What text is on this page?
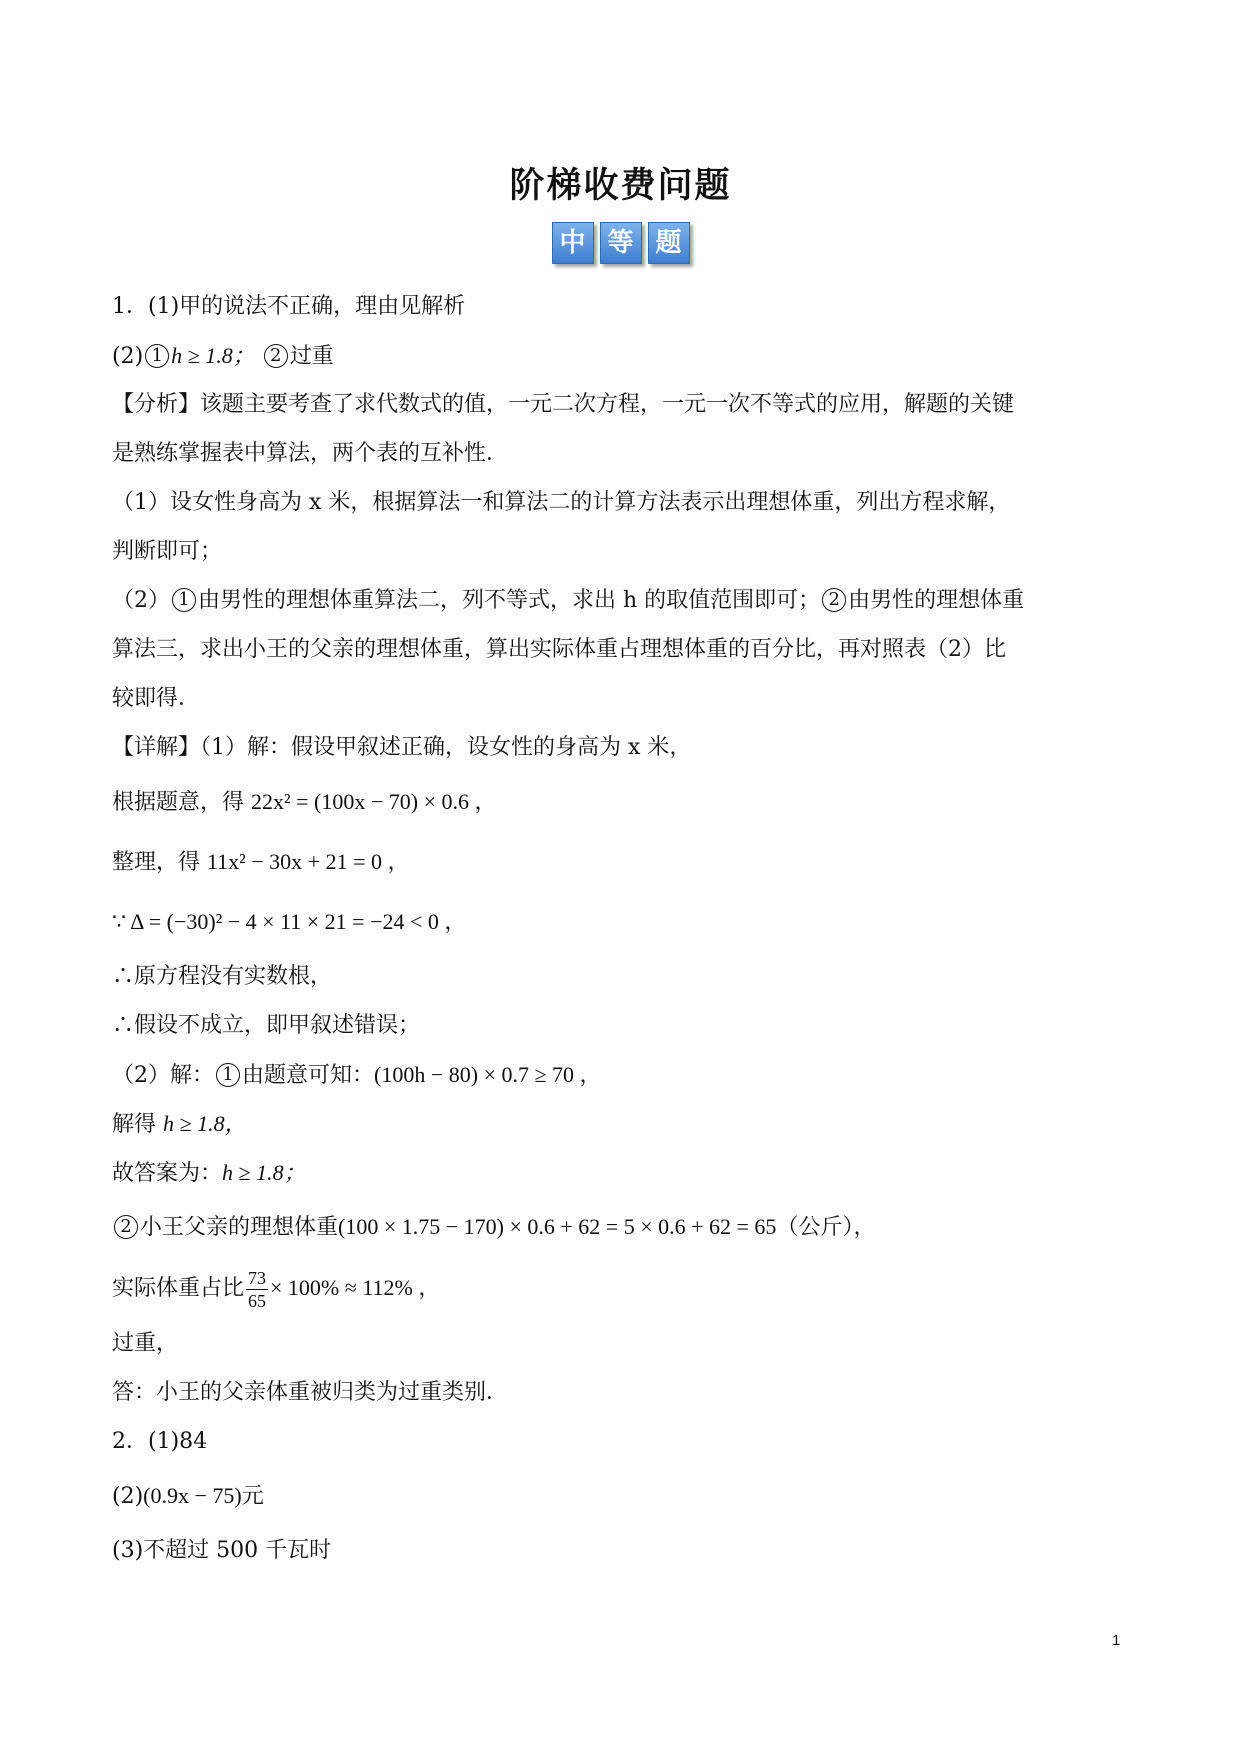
阶梯收费问题
中 等 题
1．(1)甲的说法不正确，理由见解析
(2) 1 h ≥ 1.8； 2 过重
【分析】该题主要考查了求代数式的值，一元二次方程，一元一次不等式的应用，解题的关键
是熟练掌握表中算法，两个表的互补性．
（1）设女性身高为 x 米，根据算法一和算法二的计算方法表示出理想体重，列出方程求解，
判断即可；
（2） 1 由男性的理想体重算法二，列不等式，求出 h 的取值范围即可； 2 由男性的理想体重
算法三，求出小王的父亲的理想体重，算出实际体重占理想体重的百分比，再对照表（2）比
较即得．
【详解】（1）解：假设甲叙述正确，设女性的身高为 x 米，
根据题意，得 22x² = (100x − 70) × 0.6 ，
整理，得 11x² − 30x + 21 = 0 ，
∵ Δ = (−30)² − 4 × 11 × 21 = −24 < 0 ，
∴原方程没有实数根，
∴假设不成立，即甲叙述错误；
（2）解： 1 由题意可知：(100h − 80) × 0.7 ≥ 70 ，
解得 h ≥ 1.8，
故答案为：h ≥ 1.8；
2 小王父亲的理想体重(100 × 1.75 − 170) × 0.6 + 62 = 5 × 0.6 + 62 = 65（公斤），
实际体重占比 $\frac{73}{65} \times 100\% \approx 112\%$ ，
过重，
答：小王的父亲体重被归类为过重类别．
2．(1)84
(2)(0.9x − 75)元
(3)不超过 500 千瓦时
1
